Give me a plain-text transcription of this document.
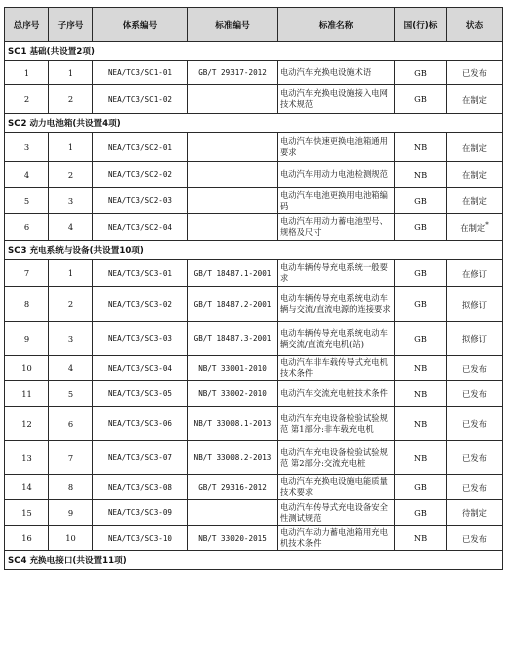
总序号	子序号	体系编号	标准编号	标准名称	国(行)标	状态
SC1 基础(共设置2项)						
1	1	NEA/TC3/SC1-01	GB/T 29317-2012	电动汽车充换电设施术语	GB	已发布
2	2	NEA/TC3/SC1-02		电动汽车充换电设施接入电网技术规范	GB	在制定
SC2 动力电池箱(共设置4项)						
3	1	NEA/TC3/SC2-01		电动汽车快速更换电池箱通用要求	NB	在制定
4	2	NEA/TC3/SC2-02		电动汽车用动力电池检测规范	NB	在制定
5	3	NEA/TC3/SC2-03		电动汽车电池更换用电池箱编码	GB	在制定
6	4	NEA/TC3/SC2-04		电动汽车用动力蓄电池型号、规格及尺寸	GB	在制定*
SC3 充电系统与设备(共设置10项)						
7	1	NEA/TC3/SC3-01	GB/T 18487.1-2001	电动车辆传导充电系统一般要求	GB	在修订
8	2	NEA/TC3/SC3-02	GB/T 18487.2-2001	电动车辆传导充电系统电动车辆与交流/直流电源的连接要求	GB	拟修订
9	3	NEA/TC3/SC3-03	GB/T 18487.3-2001	电动车辆传导充电系统电动车辆交流/直流充电机(站)	GB	拟修订
10	4	NEA/TC3/SC3-04	NB/T 33001-2010	电动汽车非车载传导式充电机技术条件	NB	已发布
11	5	NEA/TC3/SC3-05	NB/T 33002-2010	电动汽车交流充电桩技术条件	NB	已发布
12	6	NEA/TC3/SC3-06	NB/T 33008.1-2013	电动汽车充电设备检验试验规范 第1部分:非车载充电机	NB	已发布
13	7	NEA/TC3/SC3-07	NB/T 33008.2-2013	电动汽车充电设备检验试验规范 第2部分:交流充电桩	NB	已发布
14	8	NEA/TC3/SC3-08	GB/T 29316-2012	电动汽车充换电设施电能质量技术要求	GB	已发布
15	9	NEA/TC3/SC3-09		电动汽车传导式充电设备安全性测试规范	GB	待制定
16	10	NEA/TC3/SC3-10	NB/T 33020-2015	电动汽车动力蓄电池箱用充电机技术条件	NB	已发布
SC4 充换电接口(共设置11项)						
